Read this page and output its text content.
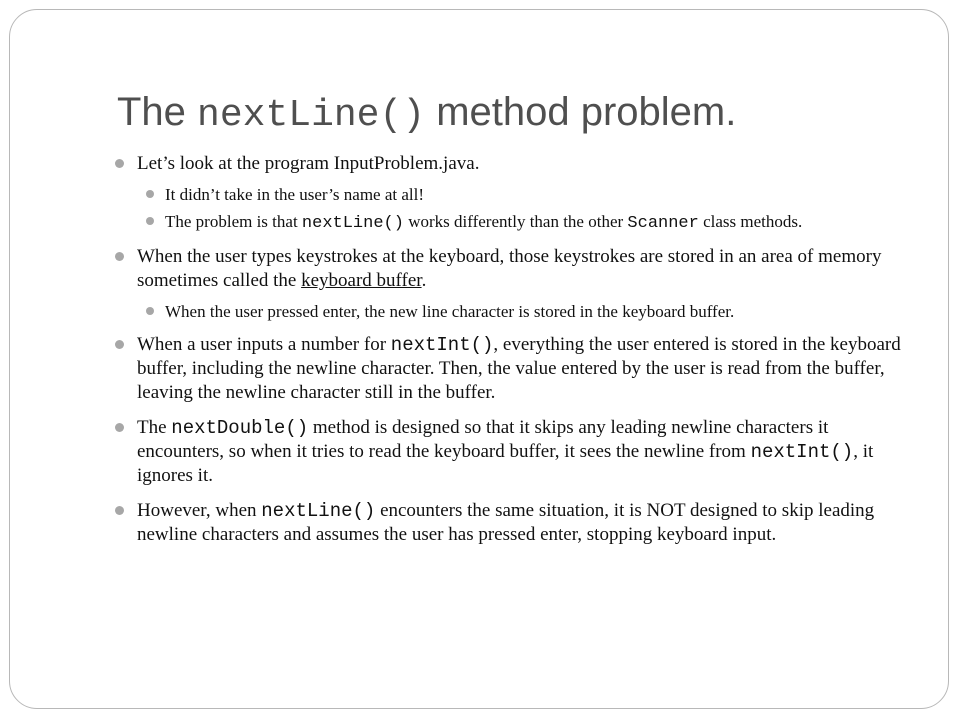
The nextLine() method problem.
Let’s look at the program InputProblem.java.
It didn’t take in the user’s name at all!
The problem is that nextLine() works differently than the other Scanner class methods.
When the user types keystrokes at the keyboard, those keystrokes are stored in an area of memory sometimes called the keyboard buffer.
When the user pressed enter, the new line character is stored in the keyboard buffer.
When a user inputs a number for nextInt(), everything the user entered is stored in the keyboard buffer, including the newline character. Then, the value entered by the user is read from the buffer, leaving the newline character still in the buffer.
The nextDouble() method is designed so that it skips any leading newline characters it encounters, so when it tries to read the keyboard buffer, it sees the newline from nextInt(), it ignores it.
However, when nextLine() encounters the same situation, it is NOT designed to skip leading newline characters and assumes the user has pressed enter, stopping keyboard input.
